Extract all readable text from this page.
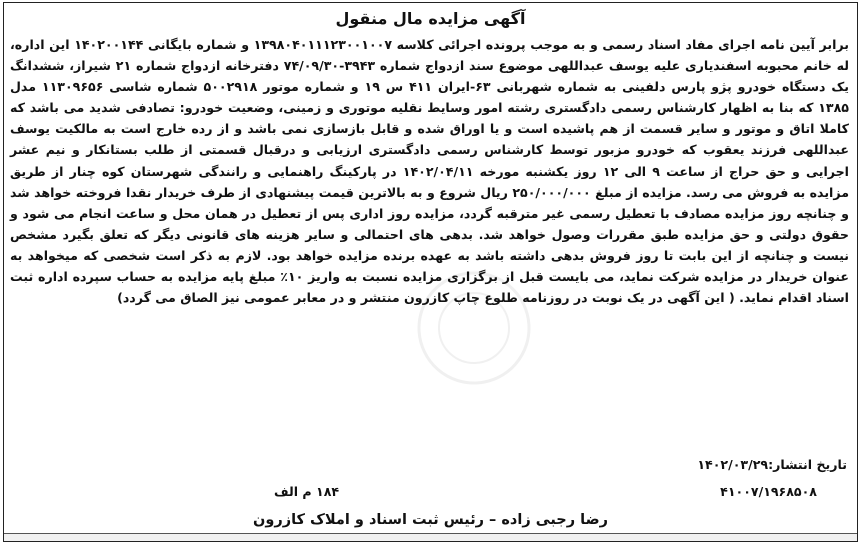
آگهی مزایده مال منقول
برابر آیین نامه اجرای مفاد اسناد رسمی و به موجب پرونده اجرائی کلاسه ۱۳۹۸۰۴۰۱۱۱۲۳۰۰۱۰۰۷ و شماره بایگانی ۱۴۰۲۰۰۱۴۴ این اداره، له خانم محبوبه اسفندیاری علیه یوسف عبداللهی موضوع سند ازدواج شماره ۳۹۴۳-۷۴/۰۹/۳۰ دفترخانه ازدواج شماره ۲۱ شیراز، ششدانگ یک دستگاه خودرو پژو پارس دلفینی به شماره شهربانی ۶۳-ایران ۴۱۱ س ۱۹ و شماره موتور ۵۰۰۲۹۱۸ شماره شاسی ۱۱۳۰۹۶۵۶ مدل ۱۳۸۵ که بنا به اظهار کارشناس رسمی دادگستری رشته امور وسایط نقلیه موتوری و زمینی، وضعیت خودرو: تصادفی شدید می باشد که کاملا اتاق و موتور و سایر قسمت از هم پاشیده است و یا اوراق شده و قابل بازسازی نمی باشد و از رده خارج است به مالکیت یوسف عبداللهی فرزند یعقوب که خودرو مزبور توسط کارشناس رسمی دادگستری ارزیابی و درقبال قسمتی از طلب بستانکار و نیم عشر اجرایی و حق حراج از ساعت ۹ الی ۱۲ روز یکشنبه مورخه ۱۴۰۲/۰۴/۱۱ در پارکینگ راهنمایی و رانندگی شهرستان کوه چنار از طریق مزایده به فروش می رسد. مزایده از مبلغ ۲۵۰/۰۰۰/۰۰۰ ریال شروع و به بالاترین قیمت پیشنهادی از طرف خریدار نقدا فروخته خواهد شد و چنانچه روز مزایده مصادف با تعطیل رسمی غیر مترقبه گردد، مزایده روز اداری پس از تعطیل در همان محل و ساعت انجام می شود و حقوق دولتی و حق مزایده طبق مقررات وصول خواهد شد. بدهی های احتمالی و سایر هزینه های قانونی دیگر که تعلق بگیرد مشخص نیست و چنانچه از این بابت تا روز فروش بدهی داشته باشد به عهده برنده مزایده خواهد بود. لازم به ذکر است شخصی که میخواهد به عنوان خریدار در مزایده شرکت نماید، می بایست قبل از برگزاری مزایده نسبت به واریز ۱۰٪ مبلغ پایه مزایده به حساب سپرده اداره ثبت اسناد اقدام نماید. ( این آگهی در یک نوبت در روزنامه طلوع چاپ کازرون منتشر و در معابر عمومی نیز الصاق می گردد)
تاریخ انتشار:۱۴۰۲/۰۳/۲۹
۴۱۰۰۷/۱۹۶۸۵۰۸
۱۸۴ م الف
رضا رجبی زاده – رئیس ثبت اسناد و املاک کازرون
